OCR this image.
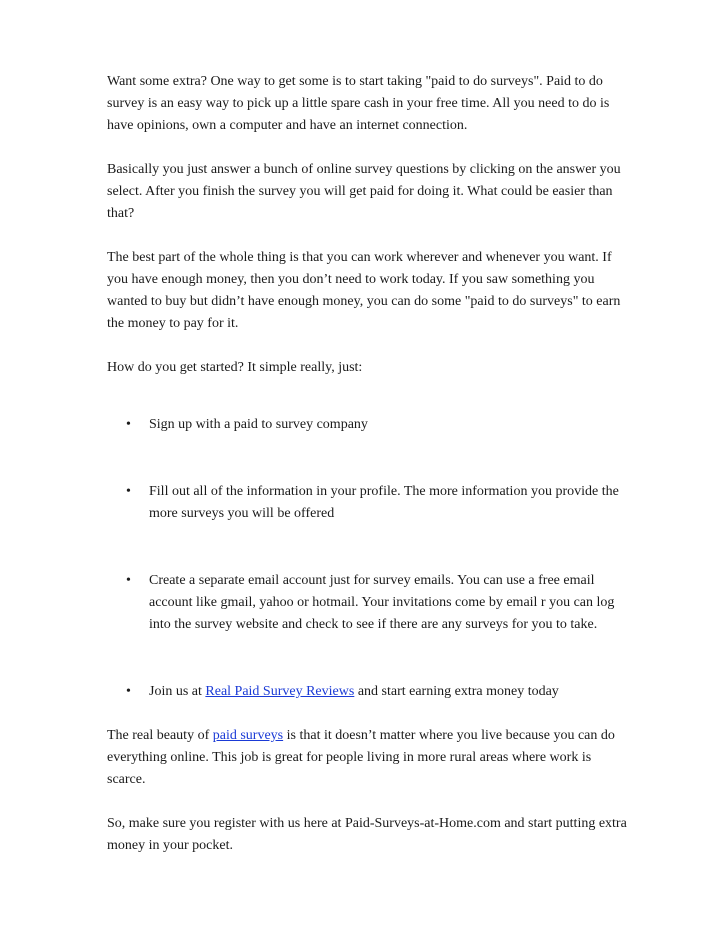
Want some extra? One way to get some is to start taking "paid to do surveys". Paid to do survey is an easy way to pick up a little spare cash in your free time. All you need to do is have opinions, own a computer and have an internet connection.

Basically you just answer a bunch of online survey questions by clicking on the answer you select. After you finish the survey you will get paid for doing it. What could be easier than that?

The best part of the whole thing is that you can work wherever and whenever you want. If you have enough money, then you don’t need to work today. If you saw something you wanted to buy but didn’t have enough money, you can do some "paid to do surveys" to earn the money to pay for it.

How do you get started? It simple really, just:

• Sign up with a paid to survey company
• Fill out all of the information in your profile. The more information you provide the more surveys you will be offered
• Create a separate email account just for survey emails. You can use a free email account like gmail, yahoo or hotmail. Your invitations come by email r you can log into the survey website and check to see if there are any surveys for you to take.
• Join us at Real Paid Survey Reviews and start earning extra money today

The real beauty of paid surveys is that it doesn’t matter where you live because you can do everything online. This job is great for people living in more rural areas where work is scarce.

So, make sure you register with us here at Paid-Surveys-at-Home.com and start putting extra money in your pocket.
